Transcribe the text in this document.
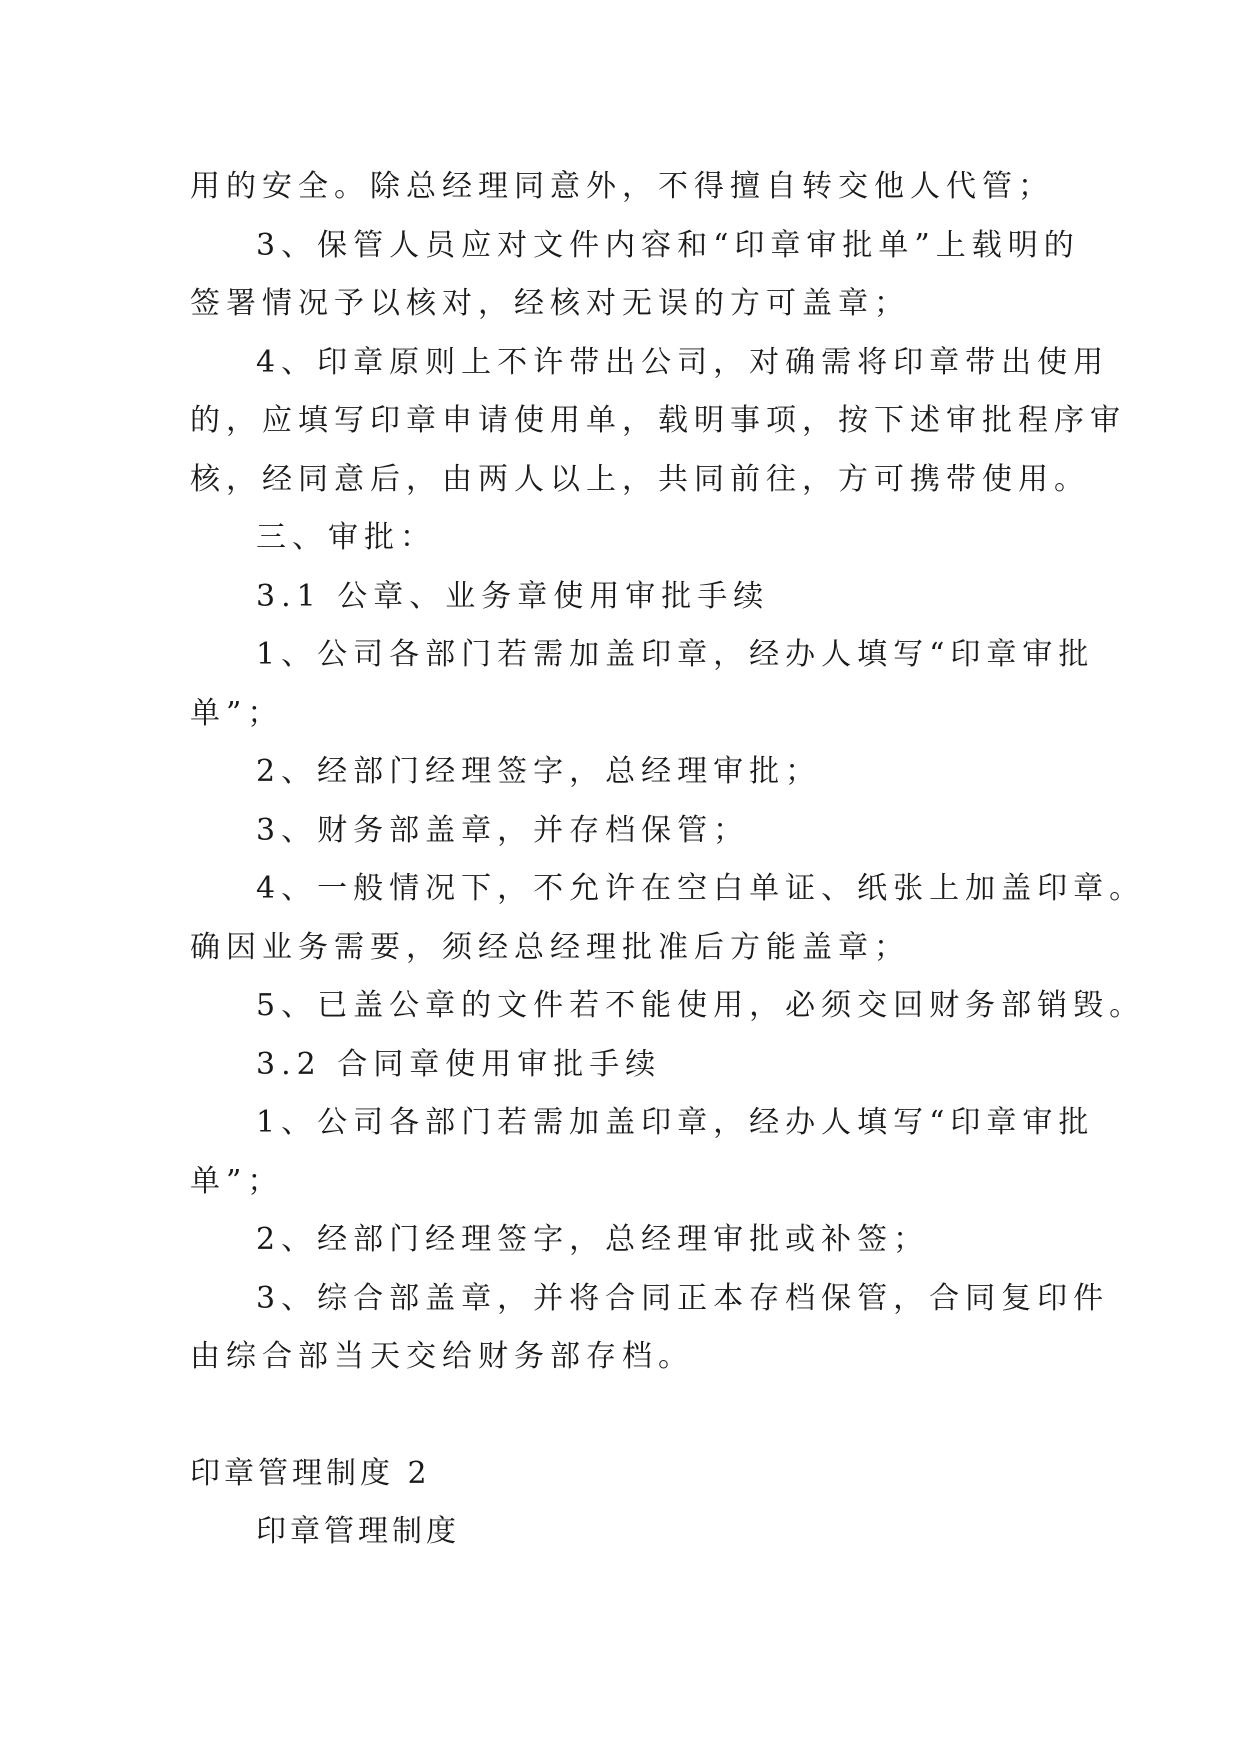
用的安全。除总经理同意外，不得擅自转交他人代管；
3、保管人员应对文件内容和“印章审批单”上载明的
签署情况予以核对，经核对无误的方可盖章；
4、印章原则上不许带出公司，对确需将印章带出使用
的，应填写印章申请使用单，载明事项，按下述审批程序审
核，经同意后，由两人以上，共同前往，方可携带使用。
三、审批：
3.1 公章、业务章使用审批手续
1、公司各部门若需加盖印章，经办人填写“印章审批
单”；
2、经部门经理签字，总经理审批；
3、财务部盖章，并存档保管；
4、一般情况下，不允许在空白单证、纸张上加盖印章。
确因业务需要，须经总经理批准后方能盖章；
5、已盖公章的文件若不能使用，必须交回财务部销毁。
3.2 合同章使用审批手续
1、公司各部门若需加盖印章，经办人填写“印章审批
单”；
2、经部门经理签字，总经理审批或补签；
3、综合部盖章，并将合同正本存档保管，合同复印件
由综合部当天交给财务部存档。
印章管理制度 2
印章管理制度
